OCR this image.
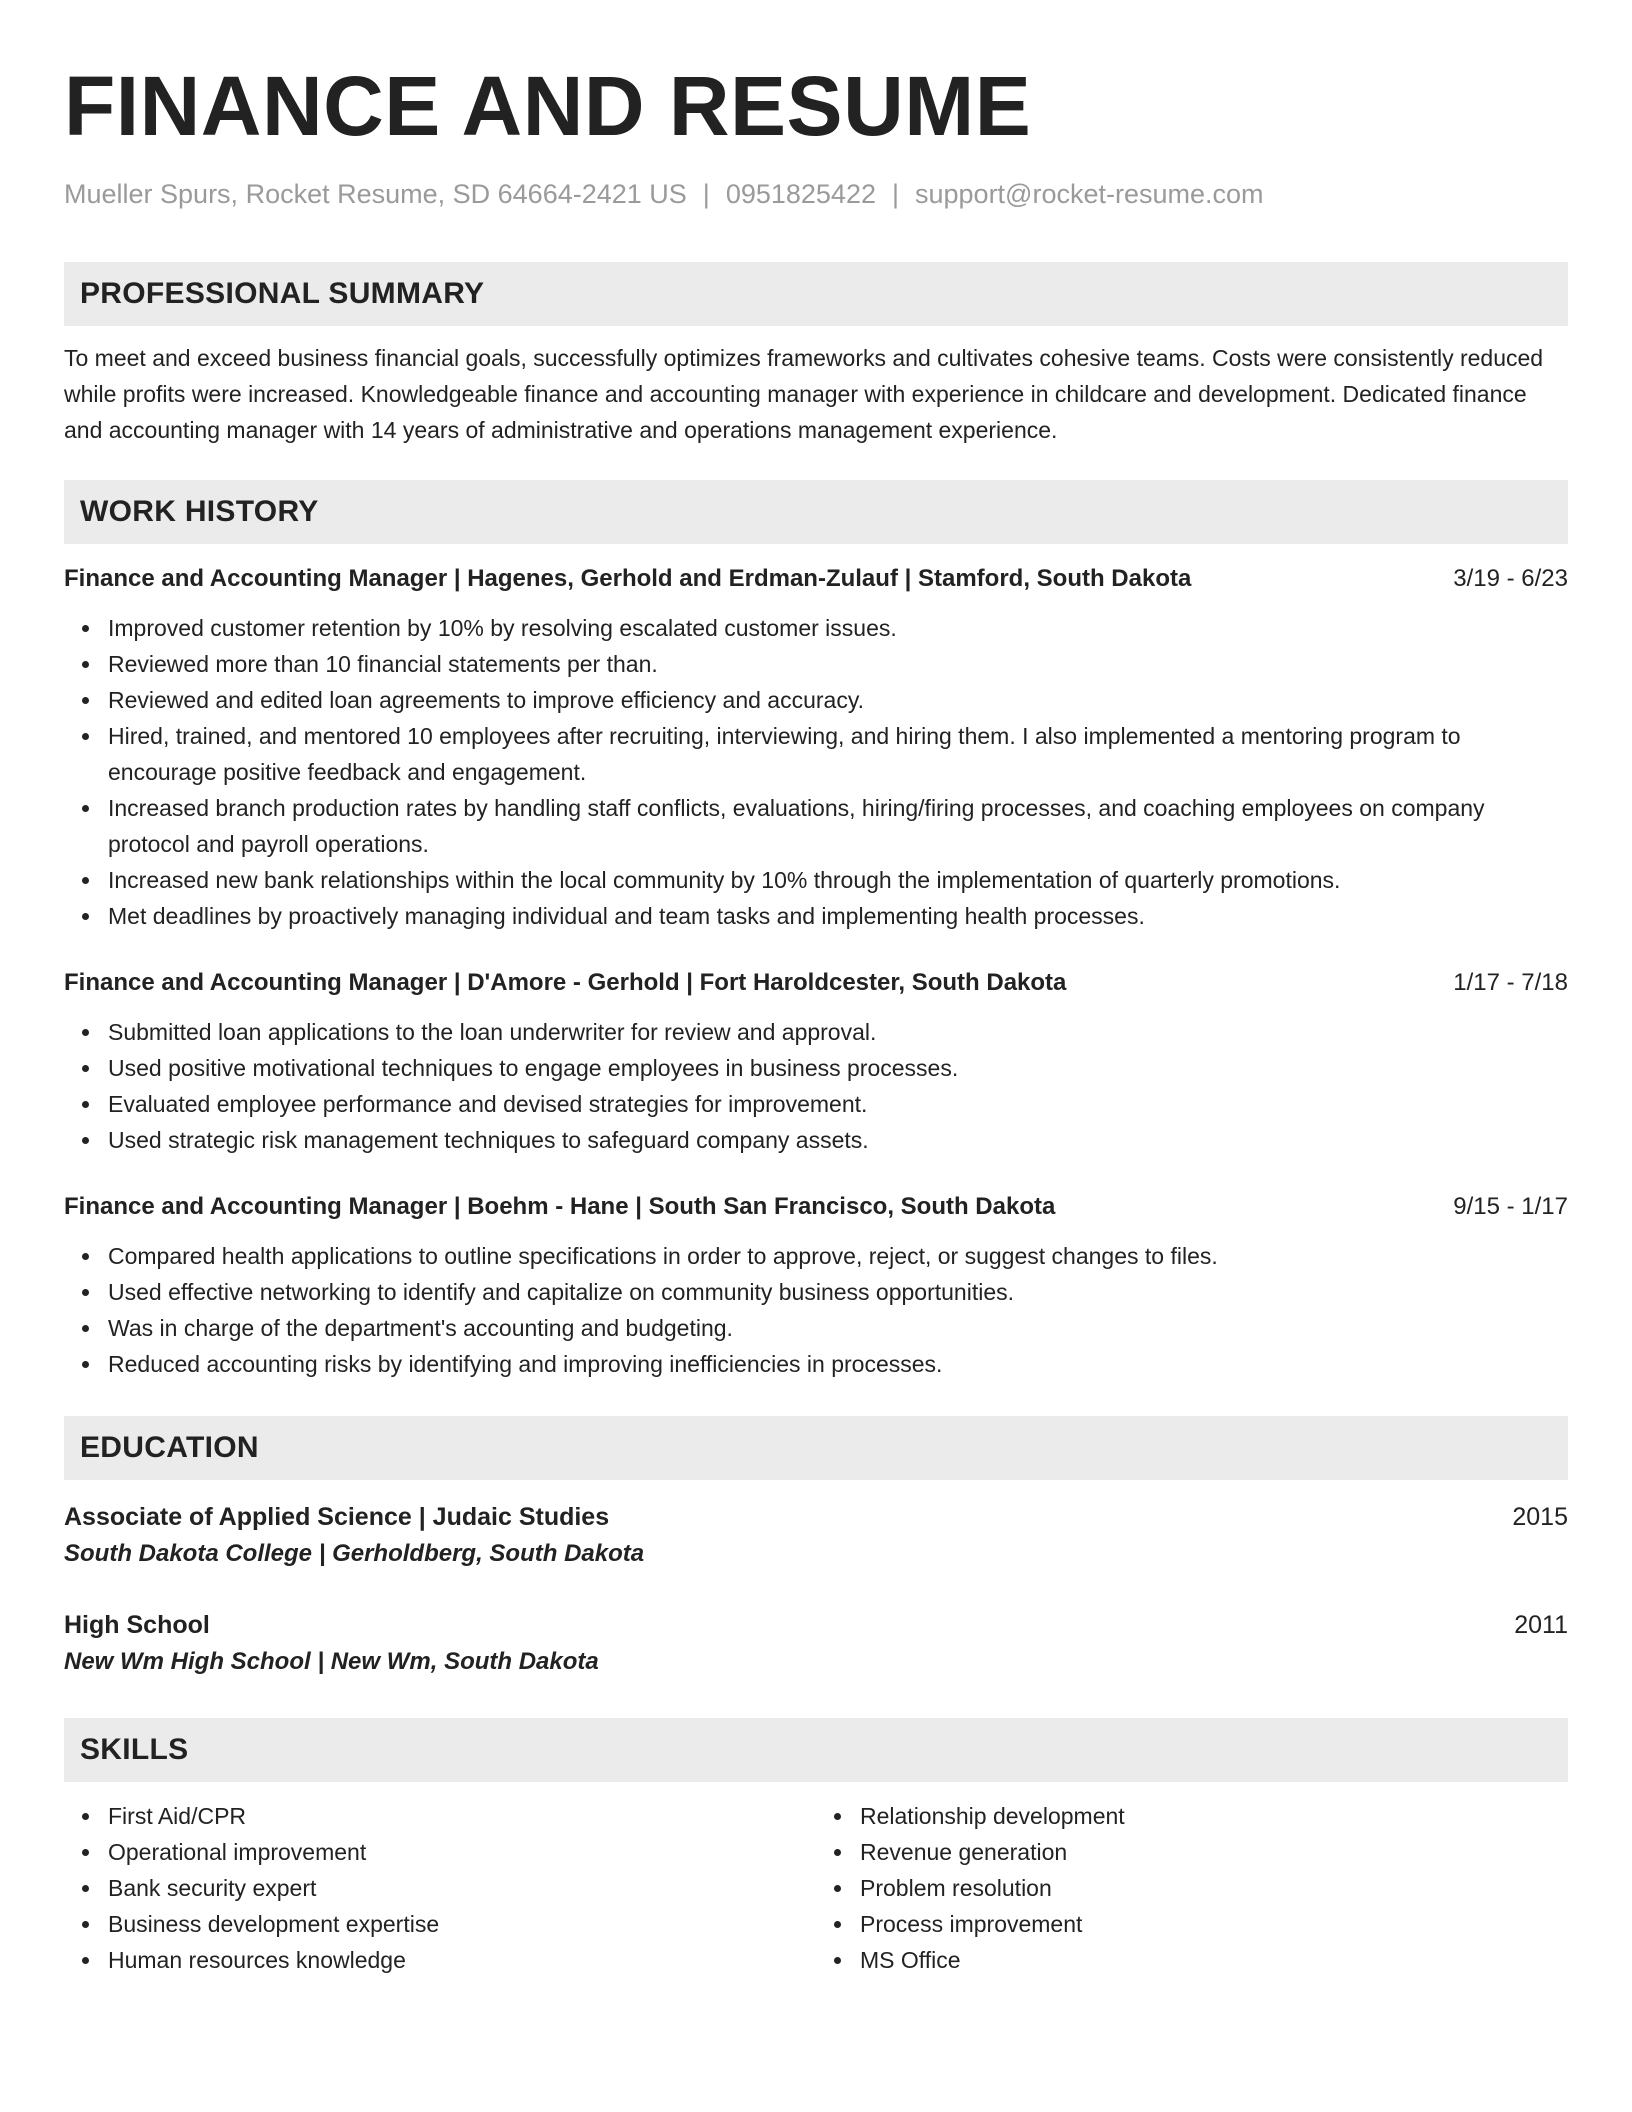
FINANCE AND RESUME
Mueller Spurs, Rocket Resume, SD 64664-2421 US | 0951825422 | support@rocket-resume.com
PROFESSIONAL SUMMARY
To meet and exceed business financial goals, successfully optimizes frameworks and cultivates cohesive teams. Costs were consistently reduced while profits were increased. Knowledgeable finance and accounting manager with experience in childcare and development. Dedicated finance and accounting manager with 14 years of administrative and operations management experience.
WORK HISTORY
Finance and Accounting Manager | Hagenes, Gerhold and Erdman-Zulauf | Stamford, South Dakota	3/19 - 6/23
Improved customer retention by 10% by resolving escalated customer issues.
Reviewed more than 10 financial statements per than.
Reviewed and edited loan agreements to improve efficiency and accuracy.
Hired, trained, and mentored 10 employees after recruiting, interviewing, and hiring them. I also implemented a mentoring program to encourage positive feedback and engagement.
Increased branch production rates by handling staff conflicts, evaluations, hiring/firing processes, and coaching employees on company protocol and payroll operations.
Increased new bank relationships within the local community by 10% through the implementation of quarterly promotions.
Met deadlines by proactively managing individual and team tasks and implementing health processes.
Finance and Accounting Manager | D'Amore - Gerhold | Fort Haroldcester, South Dakota	1/17 - 7/18
Submitted loan applications to the loan underwriter for review and approval.
Used positive motivational techniques to engage employees in business processes.
Evaluated employee performance and devised strategies for improvement.
Used strategic risk management techniques to safeguard company assets.
Finance and Accounting Manager | Boehm - Hane | South San Francisco, South Dakota	9/15 - 1/17
Compared health applications to outline specifications in order to approve, reject, or suggest changes to files.
Used effective networking to identify and capitalize on community business opportunities.
Was in charge of the department's accounting and budgeting.
Reduced accounting risks by identifying and improving inefficiencies in processes.
EDUCATION
Associate of Applied Science | Judaic Studies	2015
South Dakota College | Gerholdberg, South Dakota
High School	2011
New Wm High School | New Wm, South Dakota
SKILLS
First Aid/CPR
Operational improvement
Bank security expert
Business development expertise
Human resources knowledge
Relationship development
Revenue generation
Problem resolution
Process improvement
MS Office
